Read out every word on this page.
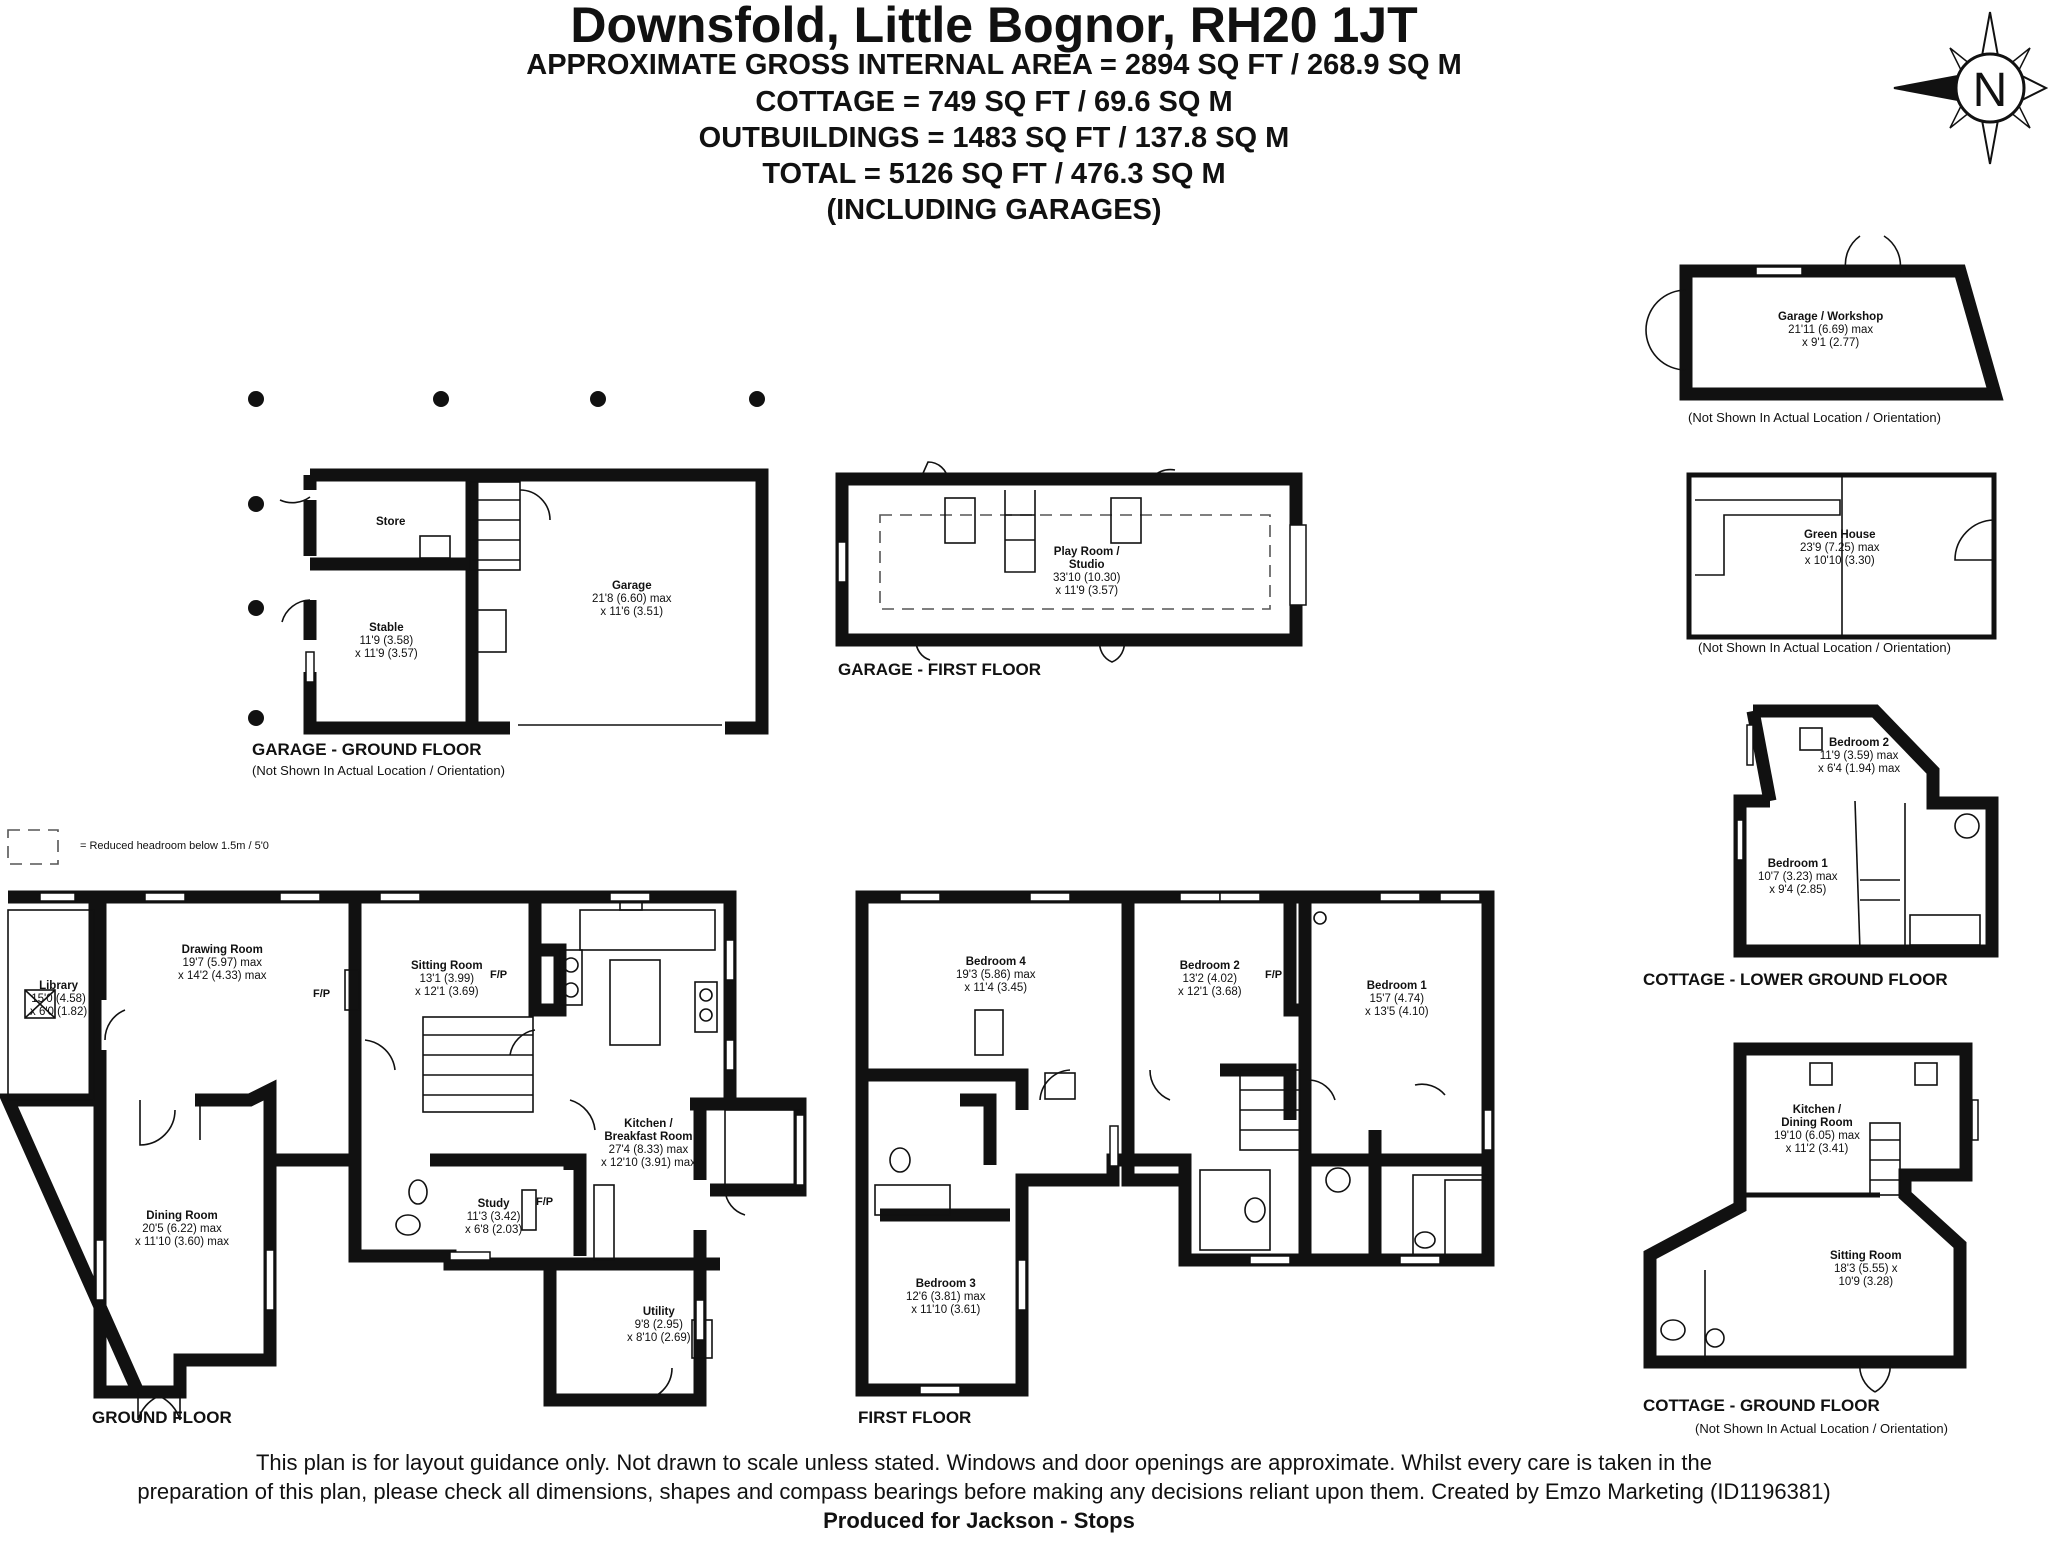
Downsfold, Little Bognor, RH20 1JT
APPROXIMATE GROSS INTERNAL AREA = 2894 SQ FT / 268.9 SQ M
COTTAGE = 749 SQ FT / 69.6 SQ M
OUTBUILDINGS = 1483 SQ FT / 137.8 SQ M
TOTAL = 5126 SQ FT / 476.3 SQ M
(INCLUDING GARAGES)
N
F/P
F/P
F/P
F/P
Store
Stable
11'9 (3.58)
x 11'9 (3.57)
Garage
21'8 (6.60) max
x 11'6 (3.51)
Play Room /
Studio
33'10 (10.30)
x 11'9 (3.57)
Garage / Workshop
21'11 (6.69) max
x 9'1 (2.77)
Green House
23'9 (7.25) max
x 10'10 (3.30)
Bedroom 2
11'9 (3.59) max
x 6'4 (1.94) max
Bedroom 1
10'7 (3.23) max
x 9'4 (2.85)
Kitchen /
Dining Room
19'10 (6.05) max
x 11'2 (3.41)
Sitting Room
18'3 (5.55) x
10'9 (3.28)
Library
15'0 (4.58)
x 6'0 (1.82)
Drawing Room
19'7 (5.97) max
x 14'2 (4.33) max
Sitting Room
13'1 (3.99)
x 12'1 (3.69)
Kitchen /
Breakfast Room
27'4 (8.33) max
x 12'10 (3.91) max
Dining Room
20'5 (6.22) max
x 11'10 (3.60) max
Study
11'3 (3.42)
x 6'8 (2.03)
Utility
9'8 (2.95)
x 8'10 (2.69)
Bedroom 4
19'3 (5.86) max
x 11'4 (3.45)
Bedroom 2
13'2 (4.02)
x 12'1 (3.68)	Bedroom 1
15'7 (4.74)
x 13'5 (4.10)
Bedroom 3
12'6 (3.81) max
x 11'10 (3.61)
GARAGE - GROUND FLOOR
(Not Shown In Actual Location / Orientation)
GARAGE - FIRST FLOOR
(Not Shown In Actual Location / Orientation)
(Not Shown In Actual Location / Orientation)
COTTAGE - LOWER GROUND FLOOR
COTTAGE - GROUND FLOOR
(Not Shown In Actual Location / Orientation)
GROUND FLOOR	FIRST FLOOR
= Reduced headroom below 1.5m / 5'0
This plan is for layout guidance only. Not drawn to scale unless stated. Windows and door openings are approximate. Whilst every care is taken in the
preparation of this plan, please check all dimensions, shapes and compass bearings before making any decisions reliant upon them. Created by Emzo Marketing (ID1196381)
Produced for Jackson - Stops
